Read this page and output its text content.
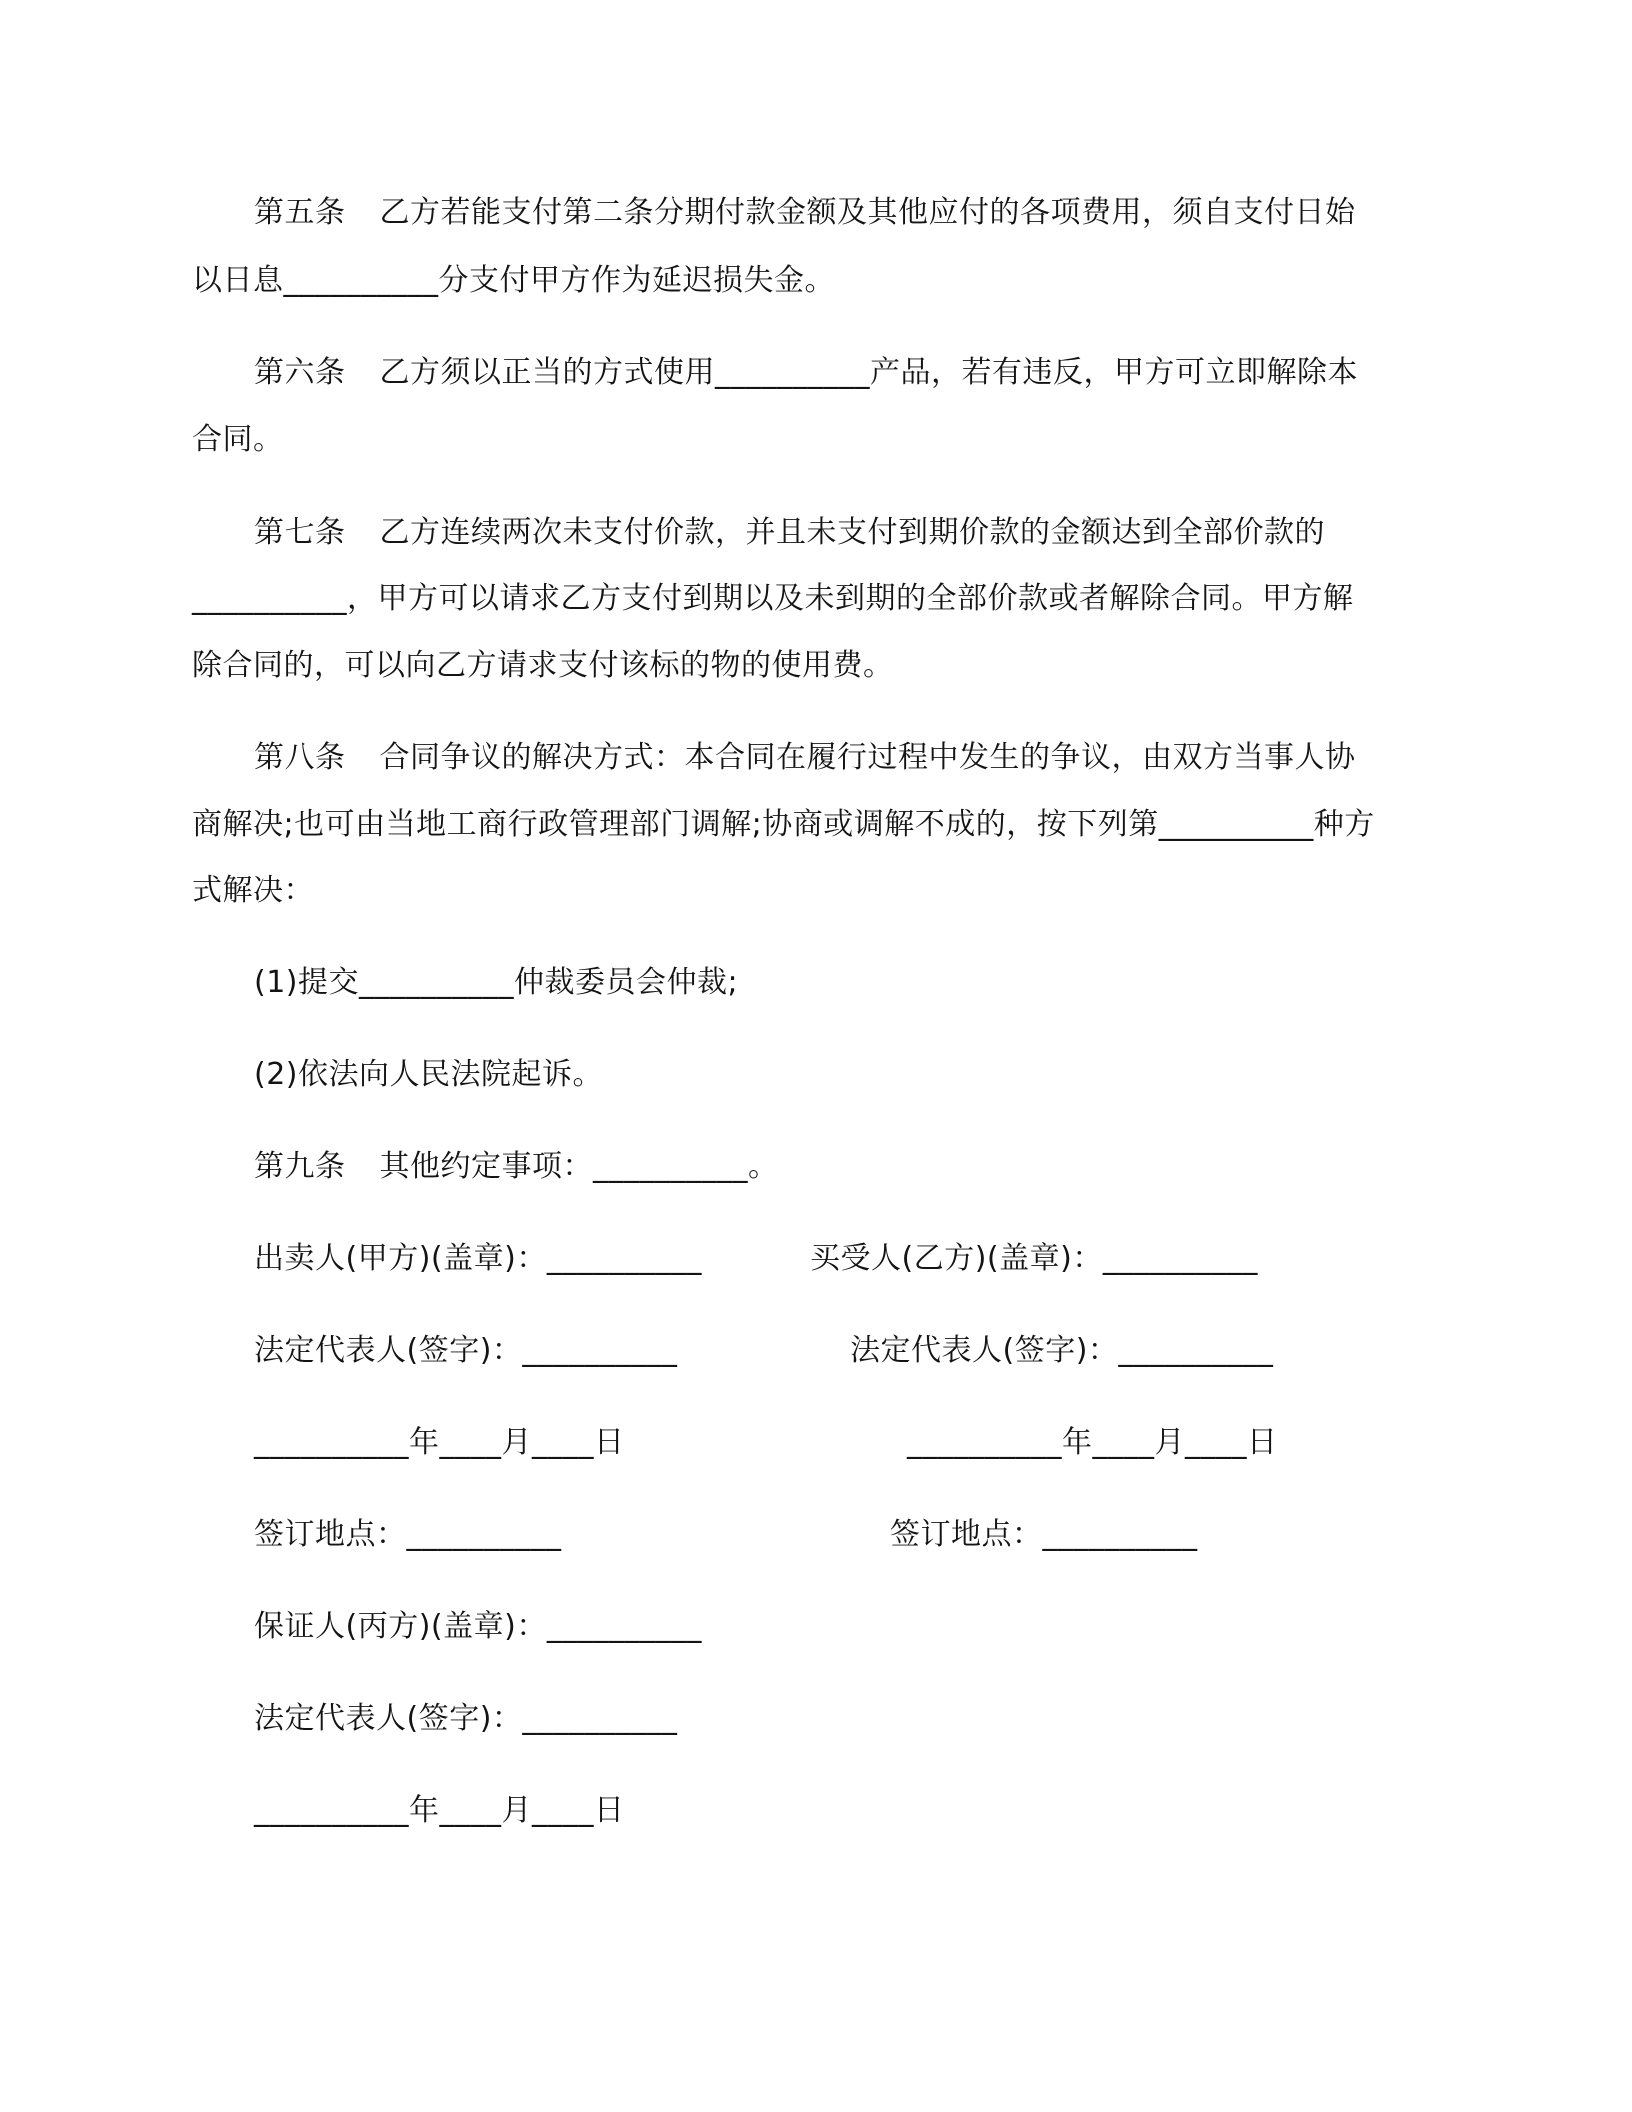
第五条 乙方若能支付第二条分期付款金额及其他应付的各项费用，须自支付日始
以日息__________分支付甲方作为延迟损失金。
第六条 乙方须以正当的方式使用__________产品，若有违反，甲方可立即解除本
合同。
第七条 乙方连续两次未支付价款，并且未支付到期价款的金额达到全部价款的
__________，甲方可以请求乙方支付到期以及未到期的全部价款或者解除合同。甲方解
除合同的，可以向乙方请求支付该标的物的使用费。
第八条 合同争议的解决方式：本合同在履行过程中发生的争议，由双方当事人协
商解决;也可由当地工商行政管理部门调解;协商或调解不成的，按下列第__________种方
式解决：
(1)提交__________仲裁委员会仲裁;
(2)依法向人民法院起诉。
第九条 其他约定事项：__________。
出卖人(甲方)(盖章)：__________	买受人(乙方)(盖章)：__________
法定代表人(签字)：__________	法定代表人(签字)：__________
__________年____月____日	__________年____月____日
签订地点：__________	签订地点：__________
保证人(丙方)(盖章)：__________
法定代表人(签字)：__________
__________年____月____日
